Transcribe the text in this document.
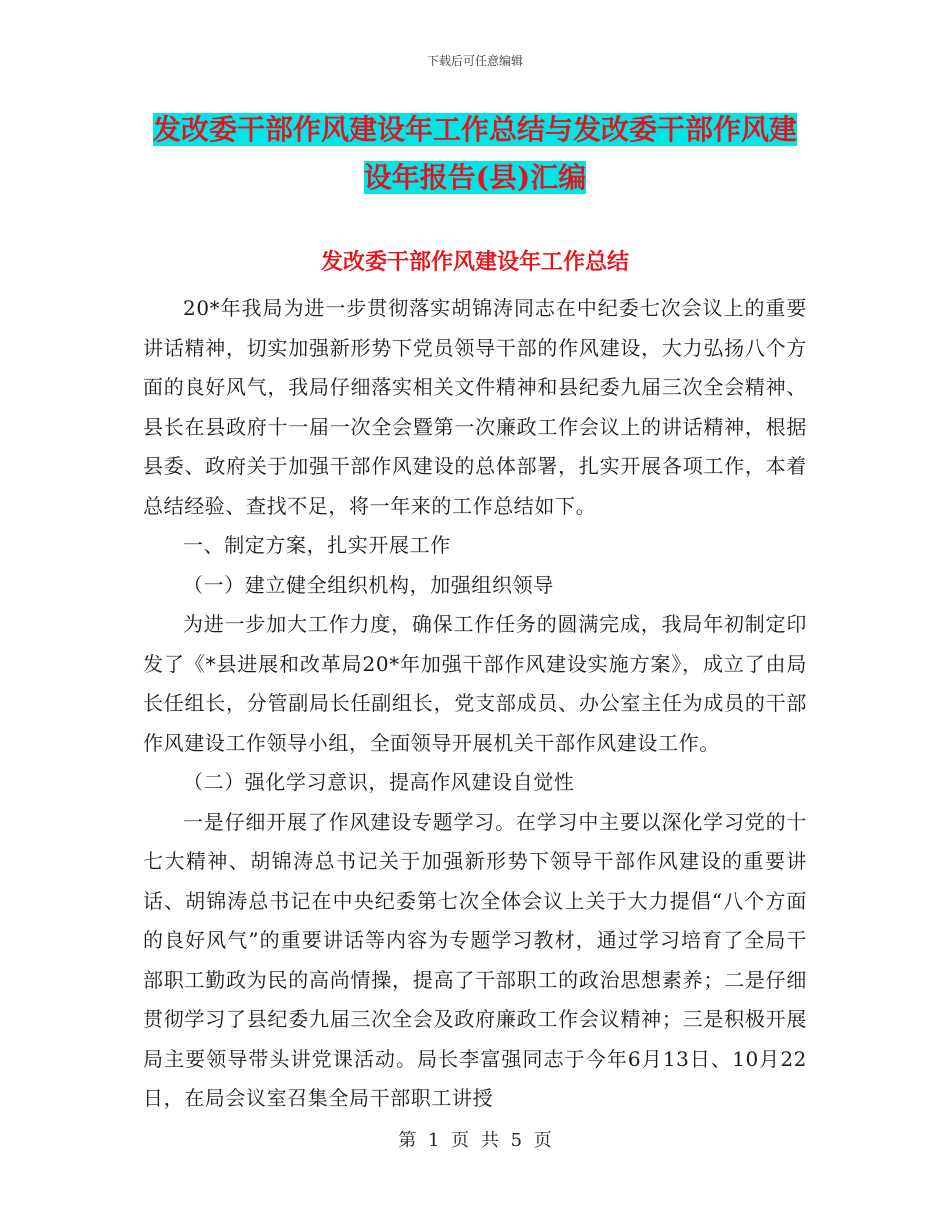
下载后可任意编辑
发改委干部作风建设年工作总结与发改委干部作风建
设年报告(县)汇编
发改委干部作风建设年工作总结

20*年我局为进一步贯彻落实胡锦涛同志在中纪委七次会议上的重要讲话精神，切实加强新形势下党员领导干部的作风建设，大力弘扬八个方面的良好风气，我局仔细落实相关文件精神和县纪委九届三次全会精神、县长在县政府十一届一次全会暨第一次廉政工作会议上的讲话精神，根据县委、政府关于加强干部作风建设的总体部署，扎实开展各项工作，本着总结经验、查找不足，将一年来的工作总结如下。

一、制定方案，扎实开展工作

（一）建立健全组织机构，加强组织领导

为进一步加大工作力度，确保工作任务的圆满完成，我局年初制定印发了《*县进展和改革局20*年加强干部作风建设实施方案》，成立了由局长任组长，分管副局长任副组长，党支部成员、办公室主任为成员的干部作风建设工作领导小组，全面领导开展机关干部作风建设工作。

（二）强化学习意识，提高作风建设自觉性

一是仔细开展了作风建设专题学习。在学习中主要以深化学习党的十七大精神、胡锦涛总书记关于加强新形势下领导干部作风建设的重要讲话、胡锦涛总书记在中央纪委第七次全体会议上关于大力提倡“八个方面的良好风气”的重要讲话等内容为专题学习教材，通过学习培育了全局干部职工勤政为民的高尚情操，提高了干部职工的政治思想素养；二是仔细贯彻学习了县纪委九届三次全会及政府廉政工作会议精神；三是积极开展局主要领导带头讲党课活动。局长李富强同志于今年6月13日、10月22日，在局会议室召集全局干部职工讲授

第 1 页 共 5 页
